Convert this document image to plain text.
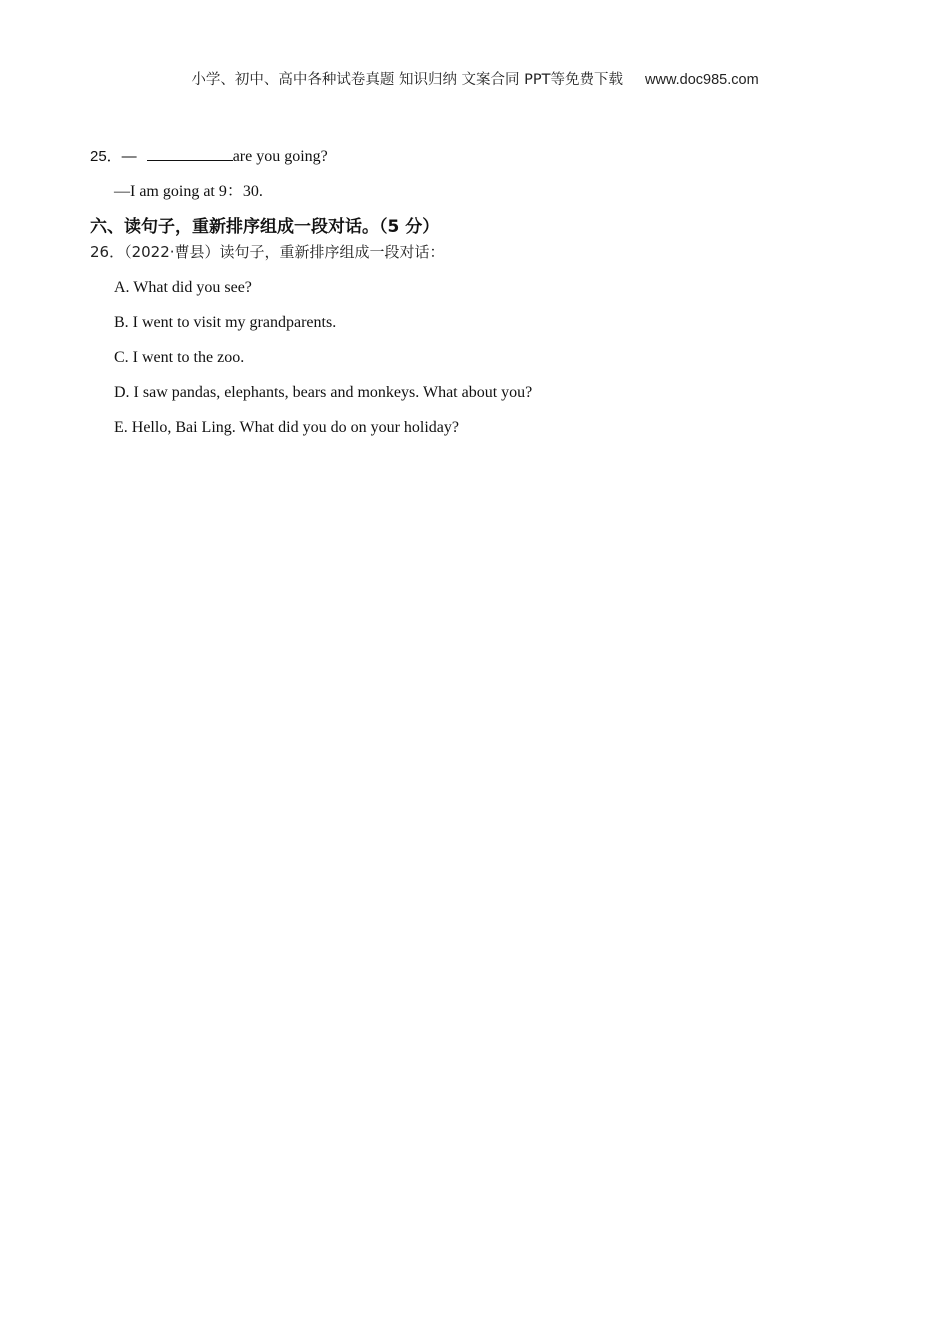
小学、初中、高中各种试卷真题 知识归纳 文案合同 PPT等免费下载 www.doc985.com
25．—	are you going?
—I am going at 9：30.
六、读句子，重新排序组成一段对话。（5 分）
26．（2022·曹县）读句子，重新排序组成一段对话：
A. What did you see?
B. I went to visit my grandparents.
C. I went to the zoo.
D. I saw pandas, elephants, bears and monkeys. What about you?
E. Hello, Bai Ling. What did you do on your holiday?
